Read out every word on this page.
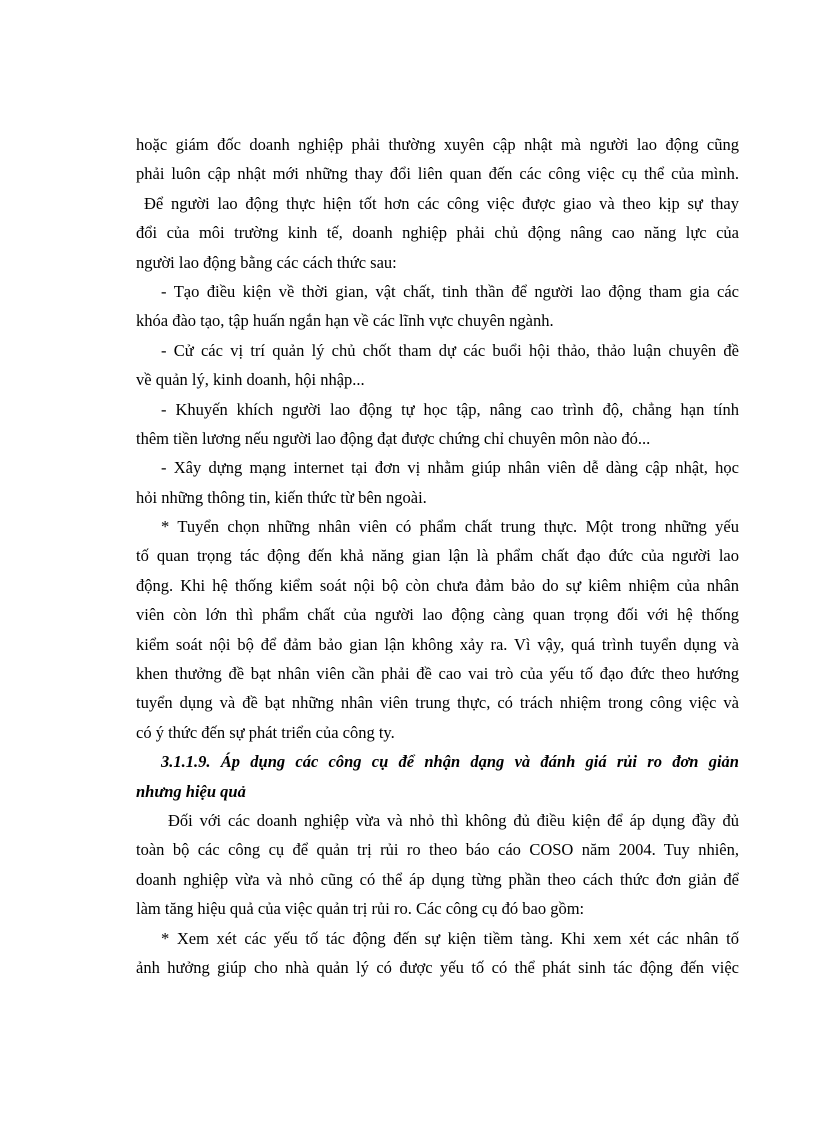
hoặc giám đốc doanh nghiệp phải thường xuyên cập nhật mà người lao động cũng
phải luôn cập nhật mới những thay đổi liên quan đến các công việc cụ thể của mình.
Để người lao động thực hiện tốt hơn các công việc được giao và theo kịp sự thay
đổi của môi trường kinh tế, doanh nghiệp phải chủ động nâng cao năng lực của
người lao động bằng các cách thức sau:
- Tạo điều kiện về thời gian, vật chất, tinh thần để người lao động tham gia các
khóa đào tạo, tập huấn ngắn hạn về các lĩnh vực chuyên ngành.
- Cử các vị trí quản lý chủ chốt tham dự các buổi hội thảo, thảo luận chuyên đề
về quản lý, kinh doanh, hội nhập...
- Khuyến khích người lao động tự học tập, nâng cao trình độ, chẳng hạn tính
thêm tiền lương nếu người lao động đạt được chứng chỉ chuyên môn nào đó...
- Xây dựng mạng internet tại đơn vị nhằm giúp nhân viên dễ dàng cập nhật, học
hỏi những thông tin, kiến thức từ bên ngoài.
* Tuyển chọn những nhân viên có phẩm chất trung thực. Một trong những yếu
tố quan trọng tác động đến khả năng gian lận là phẩm chất đạo đức của người lao
động. Khi hệ thống kiểm soát nội bộ còn chưa đảm bảo do sự kiêm nhiệm của nhân
viên còn lớn thì phẩm chất của người lao động càng quan trọng đối với hệ thống
kiểm soát nội bộ để đảm bảo gian lận không xảy ra. Vì vậy, quá trình tuyển dụng và
khen thưởng đề bạt nhân viên cần phải đề cao vai trò của yếu tố đạo đức theo hướng
tuyển dụng và đề bạt những nhân viên trung thực, có trách nhiệm trong công việc và
có ý thức đến sự phát triển của công ty.
3.1.1.9. Áp dụng các công cụ để nhận dạng và đánh giá rủi ro đơn giản
nhưng hiệu quả
Đối với các doanh nghiệp vừa và nhỏ thì không đủ điều kiện để áp dụng đầy đủ
toàn bộ các công cụ để quản trị rủi ro theo báo cáo COSO năm 2004. Tuy nhiên,
doanh nghiệp vừa và nhỏ cũng có thể áp dụng từng phần theo cách thức đơn giản để
làm tăng hiệu quả của việc quản trị rủi ro. Các công cụ đó bao gồm:
* Xem xét các yếu tố tác động đến sự kiện tiềm tàng. Khi xem xét các nhân tố
ảnh hưởng giúp cho nhà quản lý có được yếu tố có thể phát sinh tác động đến việc
